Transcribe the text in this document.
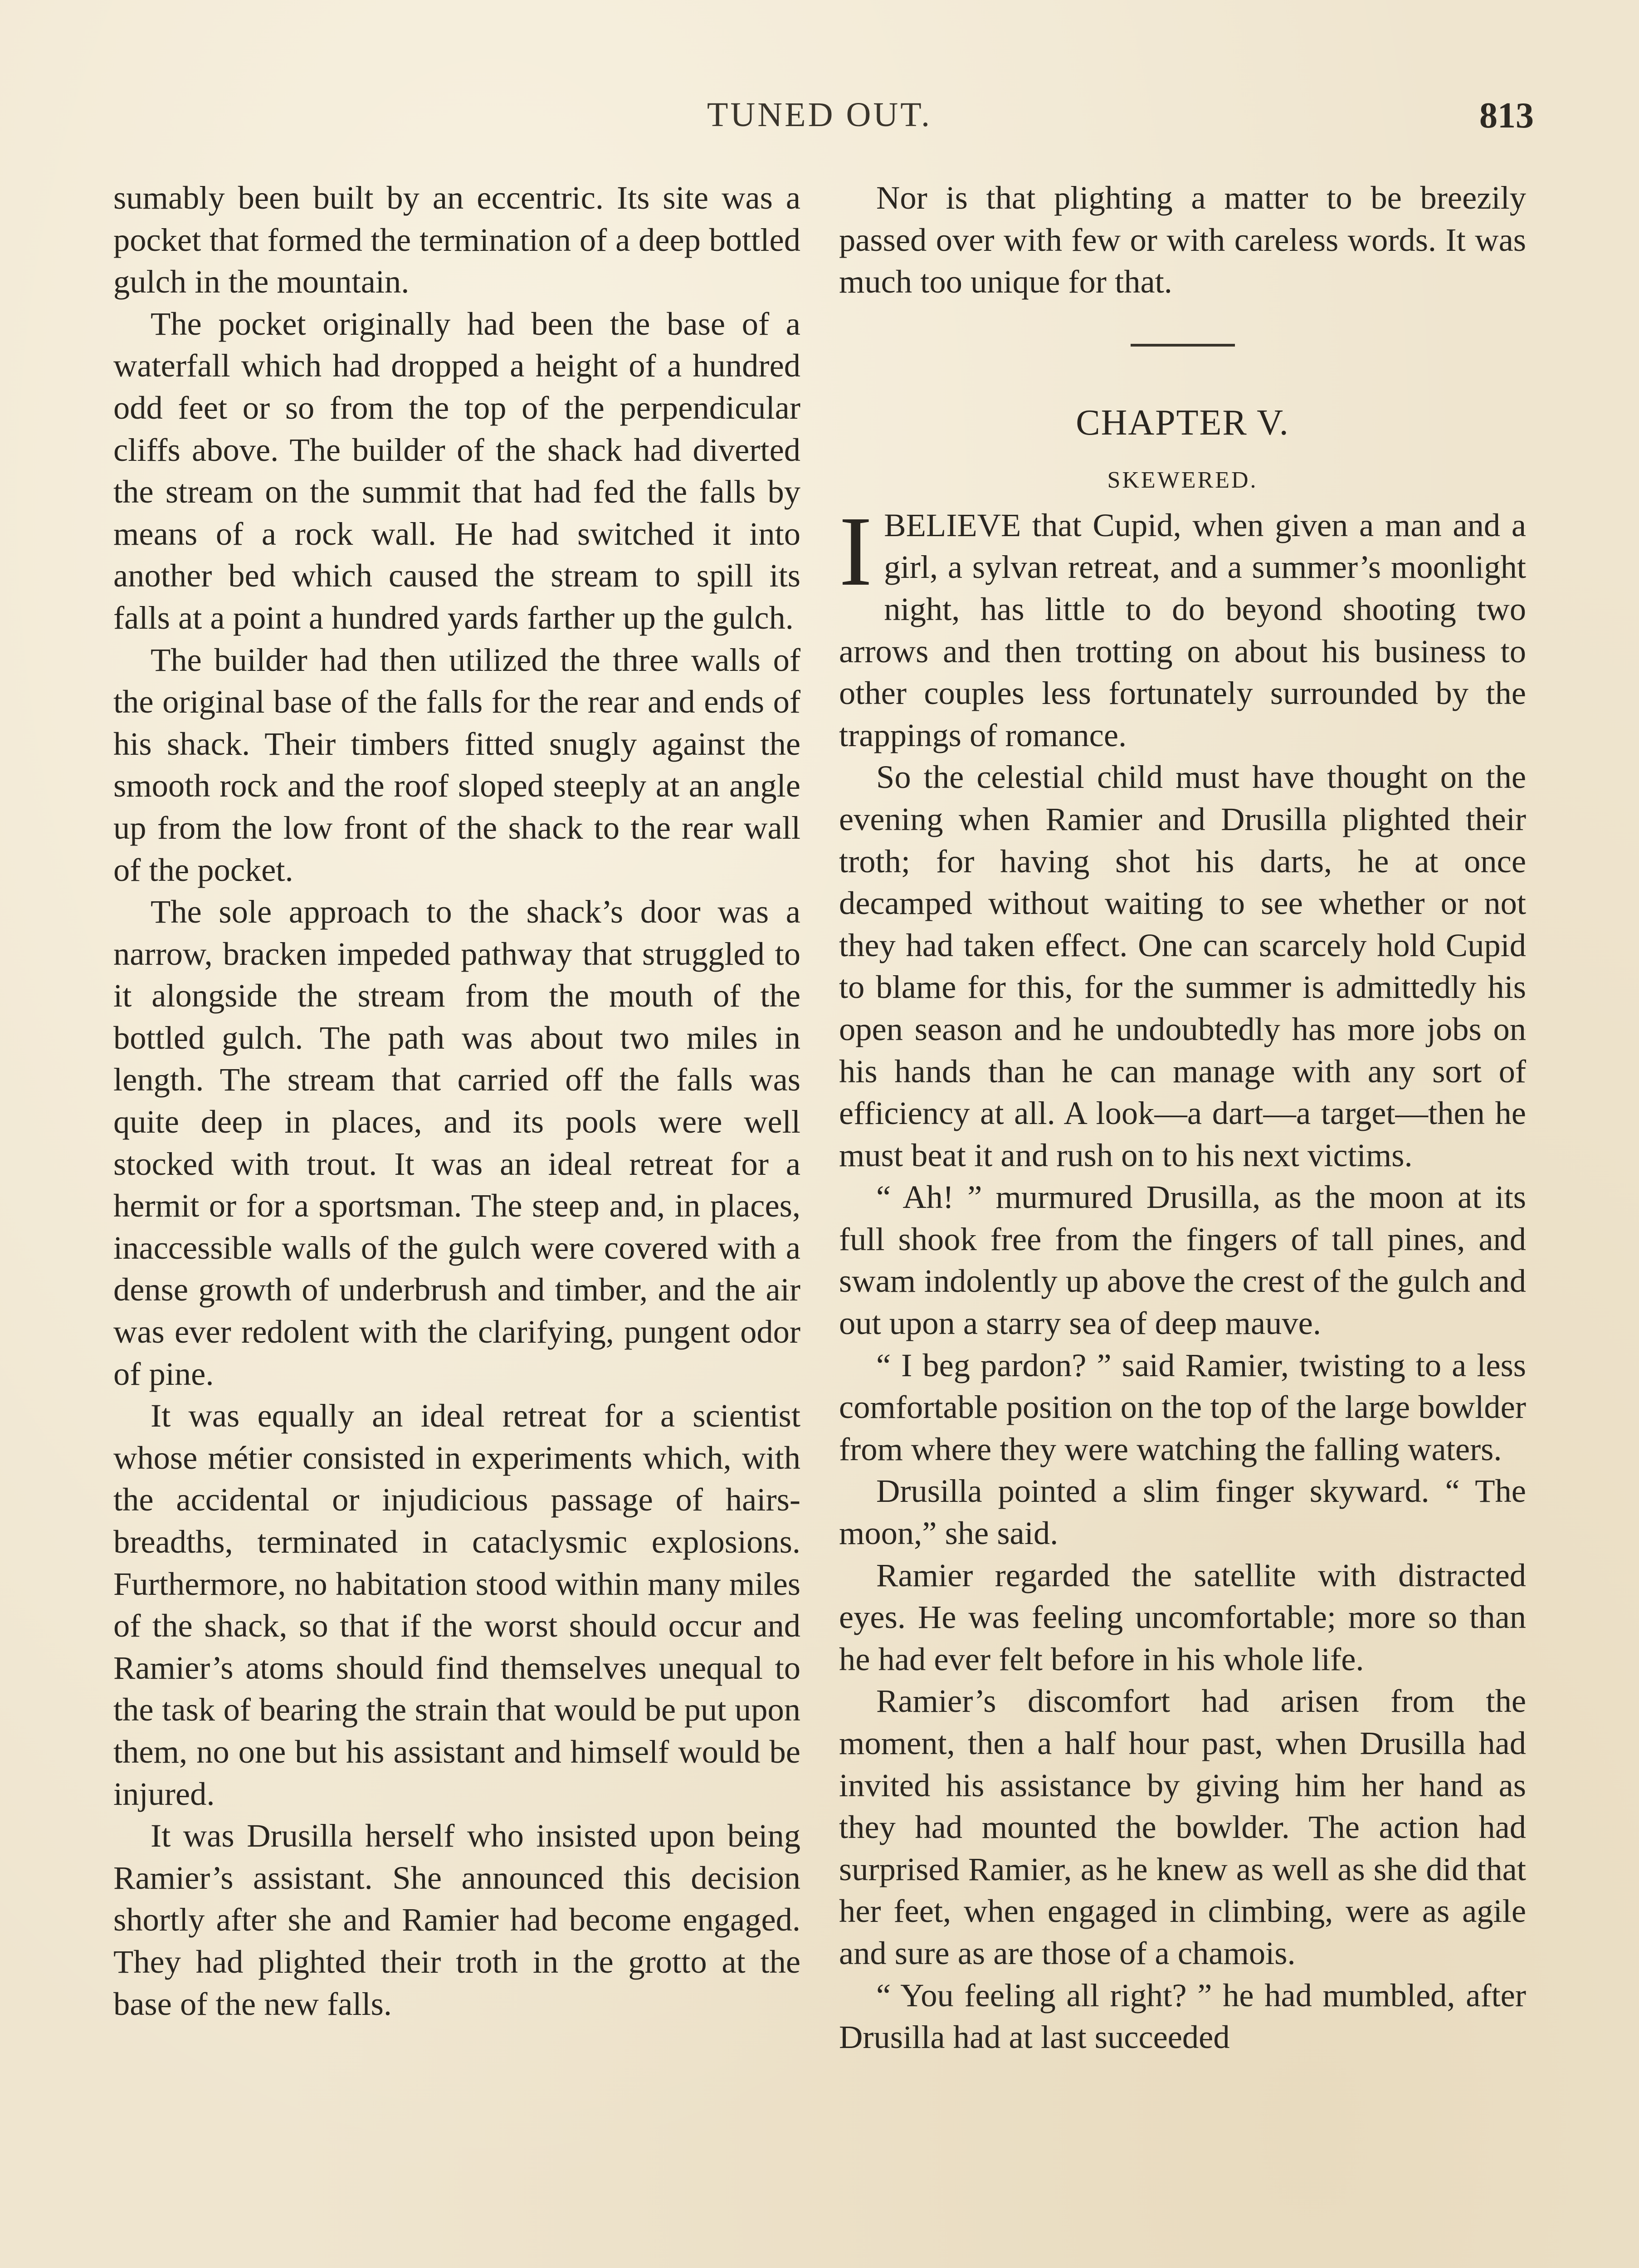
TUNED OUT.	813

sumably been built by an eccentric. Its site was a pocket that formed the termination of a deep bottled gulch in the mountain.

The pocket originally had been the base of a waterfall which had dropped a height of a hundred odd feet or so from the top of the perpendicular cliffs above. The builder of the shack had diverted the stream on the summit that had fed the falls by means of a rock wall. He had switched it into another bed which caused the stream to spill its falls at a point a hundred yards farther up the gulch.

The builder had then utilized the three walls of the original base of the falls for the rear and ends of his shack. Their timbers fitted snugly against the smooth rock and the roof sloped steeply at an angle up from the low front of the shack to the rear wall of the pocket.

The sole approach to the shack’s door was a narrow, bracken impeded pathway that struggled to it alongside the stream from the mouth of the bottled gulch. The path was about two miles in length. The stream that carried off the falls was quite deep in places, and its pools were well stocked with trout. It was an ideal retreat for a hermit or for a sportsman. The steep and, in places, inaccessible walls of the gulch were covered with a dense growth of underbrush and timber, and the air was ever redolent with the clarifying, pungent odor of pine.

It was equally an ideal retreat for a scientist whose métier consisted in experiments which, with the accidental or injudicious passage of hairs-breadths, terminated in cataclysmic explosions. Furthermore, no habitation stood within many miles of the shack, so that if the worst should occur and Ramier’s atoms should find themselves unequal to the task of bearing the strain that would be put upon them, no one but his assistant and himself would be injured.

It was Drusilla herself who insisted upon being Ramier’s assistant. She announced this decision shortly after she and Ramier had become engaged. They had plighted their troth in the grotto at the base of the new falls.

Nor is that plighting a matter to be breezily passed over with few or with careless words. It was much too unique for that.

CHAPTER V.
SKEWERED.

IBELIEVE that Cupid, when given a man and a girl, a sylvan retreat, and a summer’s moonlight night, has little to do beyond shooting two arrows and then trotting on about his business to other couples less fortunately surrounded by the trappings of romance.

So the celestial child must have thought on the evening when Ramier and Drusilla plighted their troth; for having shot his darts, he at once decamped without waiting to see whether or not they had taken effect. One can scarcely hold Cupid to blame for this, for the summer is admittedly his open season and he undoubtedly has more jobs on his hands than he can manage with any sort of efficiency at all. A look—a dart—a target—then he must beat it and rush on to his next victims.

“ Ah! ” murmured Drusilla, as the moon at its full shook free from the fingers of tall pines, and swam indolently up above the crest of the gulch and out upon a starry sea of deep mauve.

“ I beg pardon? ” said Ramier, twisting to a less comfortable position on the top of the large bowlder from where they were watching the falling waters.

Drusilla pointed a slim finger skyward. “ The moon,” she said.

Ramier regarded the satellite with distracted eyes. He was feeling uncomfortable; more so than he had ever felt before in his whole life.

Ramier’s discomfort had arisen from the moment, then a half hour past, when Drusilla had invited his assistance by giving him her hand as they had mounted the bowlder. The action had surprised Ramier, as he knew as well as she did that her feet, when engaged in climbing, were as agile and sure as are those of a chamois.

“ You feeling all right? ” he had mumbled, after Drusilla had at last succeeded
